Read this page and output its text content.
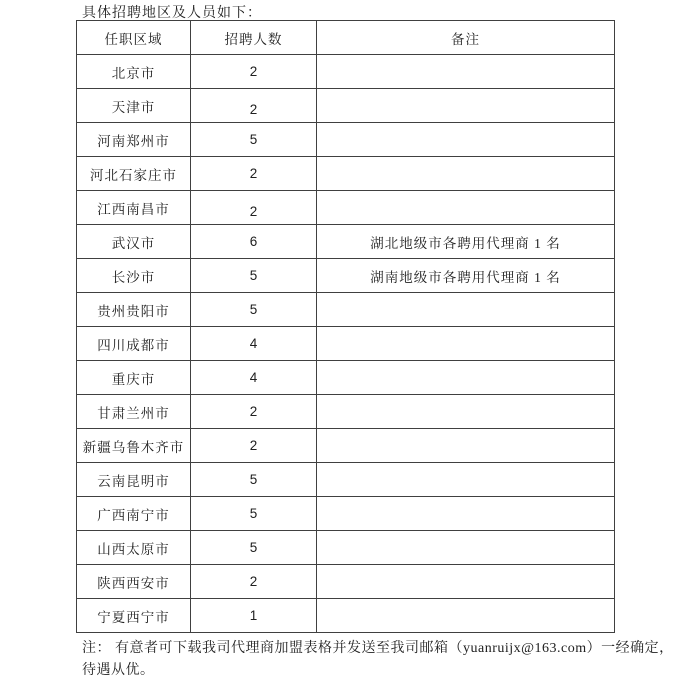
具体招聘地区及人员如下：
任职区域	招聘人数	备注
北京市	2	
天津市	2	
河南郑州市	5	
河北石家庄市	2	
江西南昌市	2	
武汉市	6	湖北地级市各聘用代理商 1 名
长沙市	5	湖南地级市各聘用代理商 1 名
贵州贵阳市	5	
四川成都市	4	
重庆市	4	
甘肃兰州市	2	
新疆乌鲁木齐市	2	
云南昆明市	5	
广西南宁市	5	
山西太原市	5	
陕西西安市	2	
宁夏西宁市	1	
注： 有意者可下载我司代理商加盟表格并发送至我司邮箱（yuanruijx@163.com）一经确定，
待遇从优。
